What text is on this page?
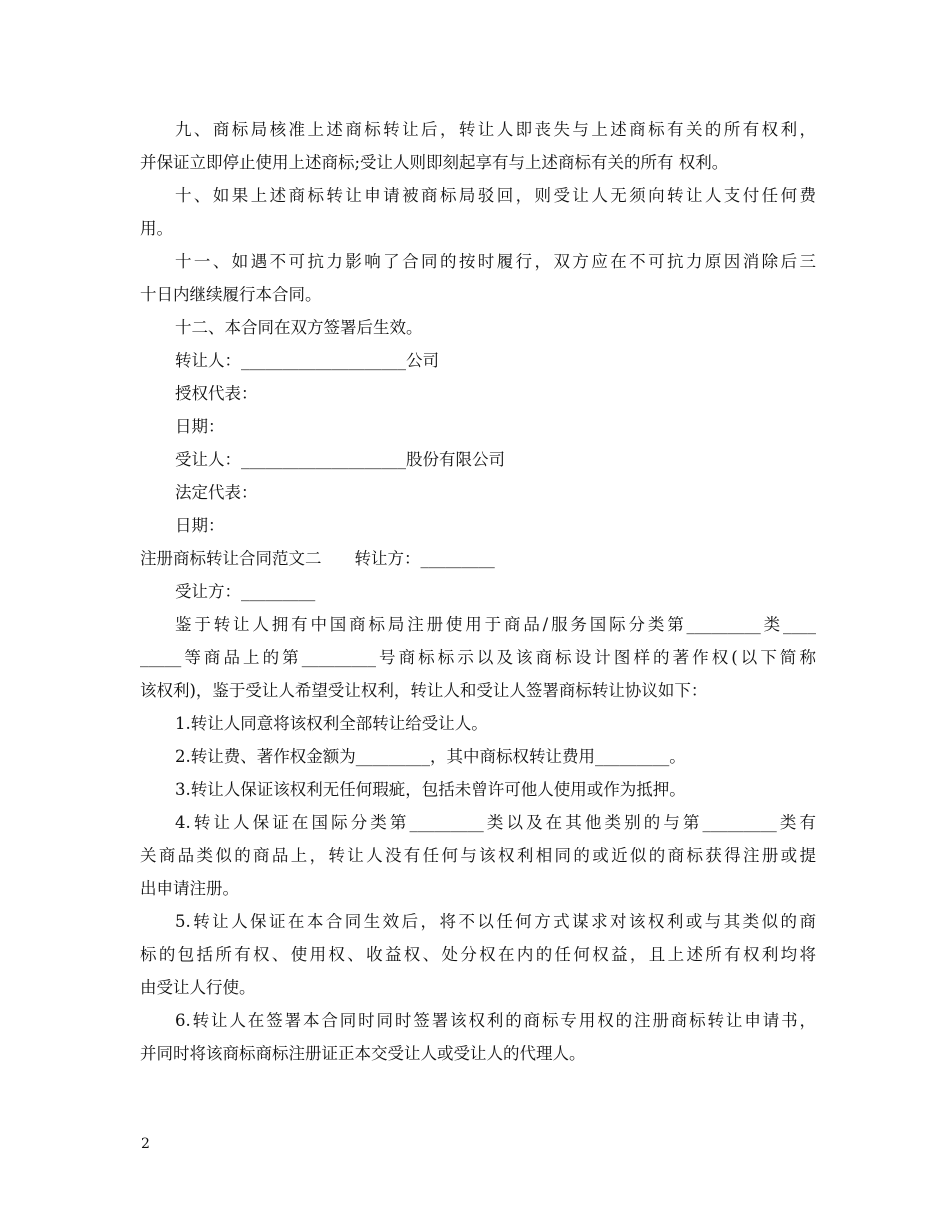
九、商标局核准上述商标转让后，转让人即丧失与上述商标有关的所有权利，
并保证立即停止使用上述商标;受让人则即刻起享有与上述商标有关的所有 权利。
十、如果上述商标转让申请被商标局驳回，则受让人无须向转让人支付任何费
用。
十一、如遇不可抗力影响了合同的按时履行，双方应在不可抗力原因消除后三
十日内继续履行本合同。
十二、本合同在双方签署后生效。
转让人：____________________公司
授权代表：
日期：
受让人：____________________股份有限公司
法定代表：
日期：
注册商标转让合同范文二　　转让方：_________
受让方：_________
鉴于转让人拥有中国商标局注册使用于商品/服务国际分类第_________类____
_____等商品上的第_________号商标标示以及该商标设计图样的著作权(以下简称
该权利)，鉴于受让人希望受让权利，转让人和受让人签署商标转让协议如下：
1.转让人同意将该权利全部转让给受让人。
2.转让费、著作权金额为_________，其中商标权转让费用_________。
3.转让人保证该权利无任何瑕疵，包括未曾许可他人使用或作为抵押。
4.转让人保证在国际分类第_________类以及在其他类别的与第_________类有
关商品类似的商品上，转让人没有任何与该权利相同的或近似的商标获得注册或提
出申请注册。
5.转让人保证在本合同生效后，将不以任何方式谋求对该权利或与其类似的商
标的包括所有权、使用权、收益权、处分权在内的任何权益，且上述所有权利均将
由受让人行使。
6.转让人在签署本合同时同时签署该权利的商标专用权的注册商标转让申请书，
并同时将该商标商标注册证正本交受让人或受让人的代理人。
2
